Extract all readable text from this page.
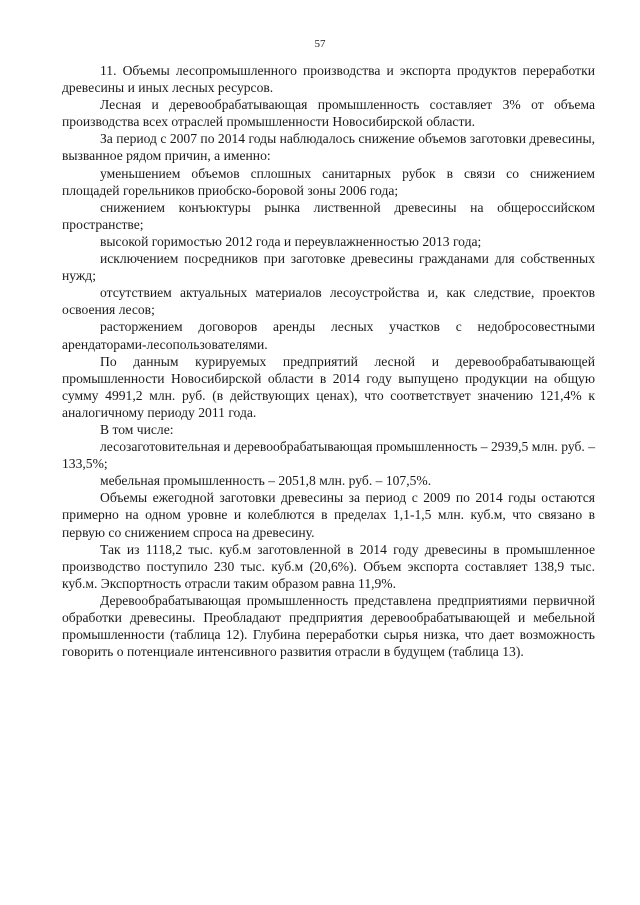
57

11. Объемы лесопромышленного производства и экспорта продуктов переработки древесины и иных лесных ресурсов.

Лесная и деревообрабатывающая промышленность составляет 3% от объема производства всех отраслей промышленности Новосибирской области.

За период с 2007 по 2014 годы наблюдалось снижение объемов заготовки древесины, вызванное рядом причин, а именно:

уменьшением объемов сплошных санитарных рубок в связи со снижением площадей горельников приобско-боровой зоны 2006 года;

снижением конъюктуры рынка лиственной древесины на общероссийском пространстве;

высокой горимостью 2012 года и переувлажненностью 2013 года;

исключением посредников при заготовке древесины гражданами для собственных нужд;

отсутствием актуальных материалов лесоустройства и, как следствие, проектов освоения лесов;

расторжением договоров аренды лесных участков с недобросовестными арендаторами-лесопользователями.

По данным курируемых предприятий лесной и деревообрабатывающей промышленности Новосибирской области в 2014 году выпущено продукции на общую сумму 4991,2 млн. руб. (в действующих ценах), что соответствует значению 121,4% к аналогичному периоду 2011 года.

В том числе:

лесозаготовительная и деревообрабатывающая промышленность – 2939,5 млн. руб. – 133,5%;

мебельная промышленность – 2051,8 млн. руб. – 107,5%.

Объемы ежегодной заготовки древесины за период с 2009 по 2014 годы остаются примерно на одном уровне и колеблются в пределах 1,1-1,5 млн. куб.м, что связано в первую со снижением спроса на древесину.

Так из 1118,2 тыс. куб.м заготовленной в 2014 году древесины в промышленное производство поступило 230 тыс. куб.м (20,6%). Объем экспорта составляет 138,9 тыс. куб.м. Экспортность отрасли таким образом равна 11,9%.

Деревообрабатывающая промышленность представлена предприятиями первичной обработки древесины. Преобладают предприятия деревообрабатывающей и мебельной промышленности (таблица 12). Глубина переработки сырья низка, что дает возможность говорить о потенциале интенсивного развития отрасли в будущем (таблица 13).
